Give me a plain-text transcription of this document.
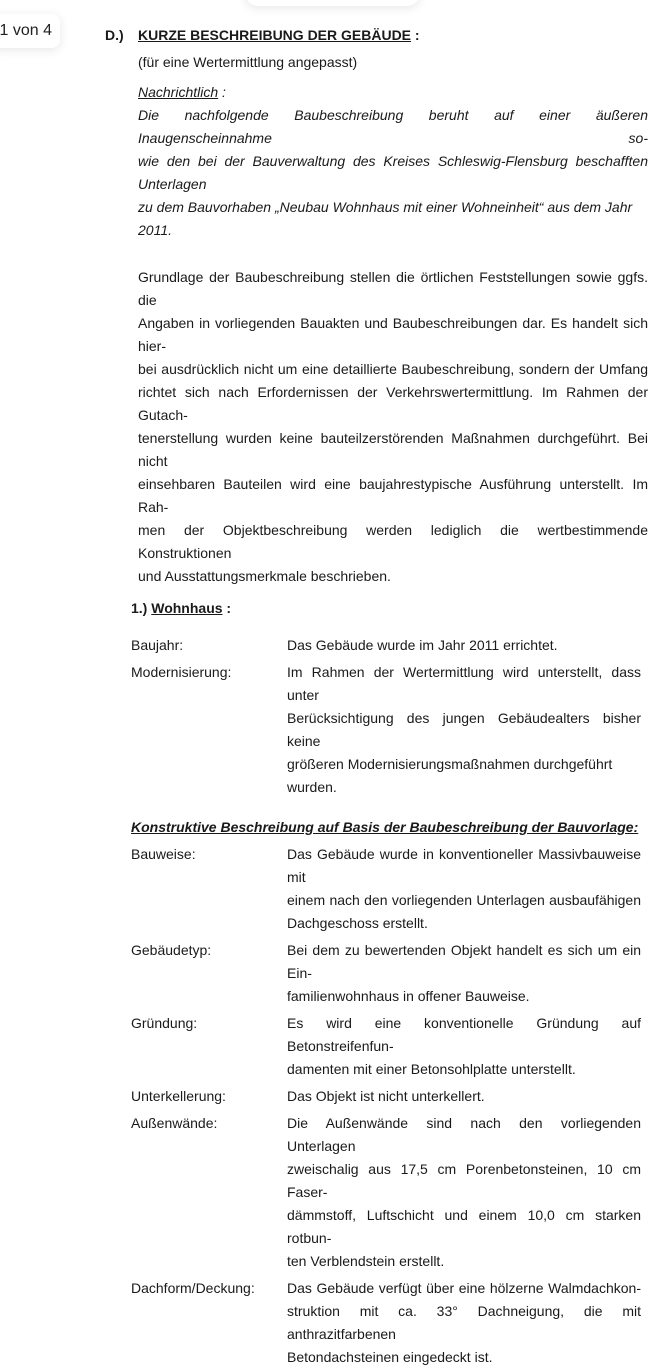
D.)	KURZE BESCHREIBUNG DER GEBÄUDE :
(für eine Wertermittlung angepasst)
Nachrichtlich :
Die nachfolgende Baubeschreibung beruht auf einer äußeren Inaugenscheinnahme so-
wie den bei der Bauverwaltung des Kreises Schleswig-Flensburg beschafften Unterlagen
zu dem Bauvorhaben „Neubau Wohnhaus mit einer Wohneinheit“ aus dem Jahr 2011.
Grundlage der Baubeschreibung stellen die örtlichen Feststellungen sowie ggfs. die
Angaben in vorliegenden Bauakten und Baubeschreibungen dar. Es handelt sich hier-
bei ausdrücklich nicht um eine detaillierte Baubeschreibung, sondern der Umfang
richtet sich nach Erfordernissen der Verkehrswertermittlung. Im Rahmen der Gutach-
tenerstellung wurden keine bauteilzerstörenden Maßnahmen durchgeführt. Bei nicht
einsehbaren Bauteilen wird eine baujahrestypische Ausführung unterstellt. Im Rah-
men der Objektbeschreibung werden lediglich die wertbestimmende Konstruktionen
und Ausstattungsmerkmale beschrieben.
1.) Wohnhaus :
Baujahr:	Das Gebäude wurde im Jahr 2011 errichtet.
Modernisierung:	Im Rahmen der Wertermittlung wird unterstellt, dass unter
Berücksichtigung des jungen Gebäudealters bisher keine
größeren Modernisierungsmaßnahmen durchgeführt wurden.
Konstruktive Beschreibung auf Basis der Baubeschreibung der Bauvorlage:
Bauweise:	Das Gebäude wurde in konventioneller Massivbauweise mit
einem nach den vorliegenden Unterlagen ausbaufähigen
Dachgeschoss erstellt.
Gebäudetyp:	Bei dem zu bewertenden Objekt handelt es sich um ein Ein-
familienwohnhaus in offener Bauweise.
Gründung:	Es wird eine konventionelle Gründung auf Betonstreifenfun-
damenten mit einer Betonsohlplatte unterstellt.
Unterkellerung:	Das Objekt ist nicht unterkellert.
Außenwände:	Die Außenwände sind nach den vorliegenden Unterlagen
zweischalig aus 17,5 cm Porenbetonsteinen, 10 cm Faser-
dämmstoff, Luftschicht und einem 10,0 cm starken rotbun-
ten Verblendstein erstellt.
Dachform/Deckung:	Das Gebäude verfügt über eine hölzerne Walmdachkon-
struktion mit ca. 33° Dachneigung, die mit anthrazitfarbenen
Betondachsteinen eingedeckt ist.
1 von 4
